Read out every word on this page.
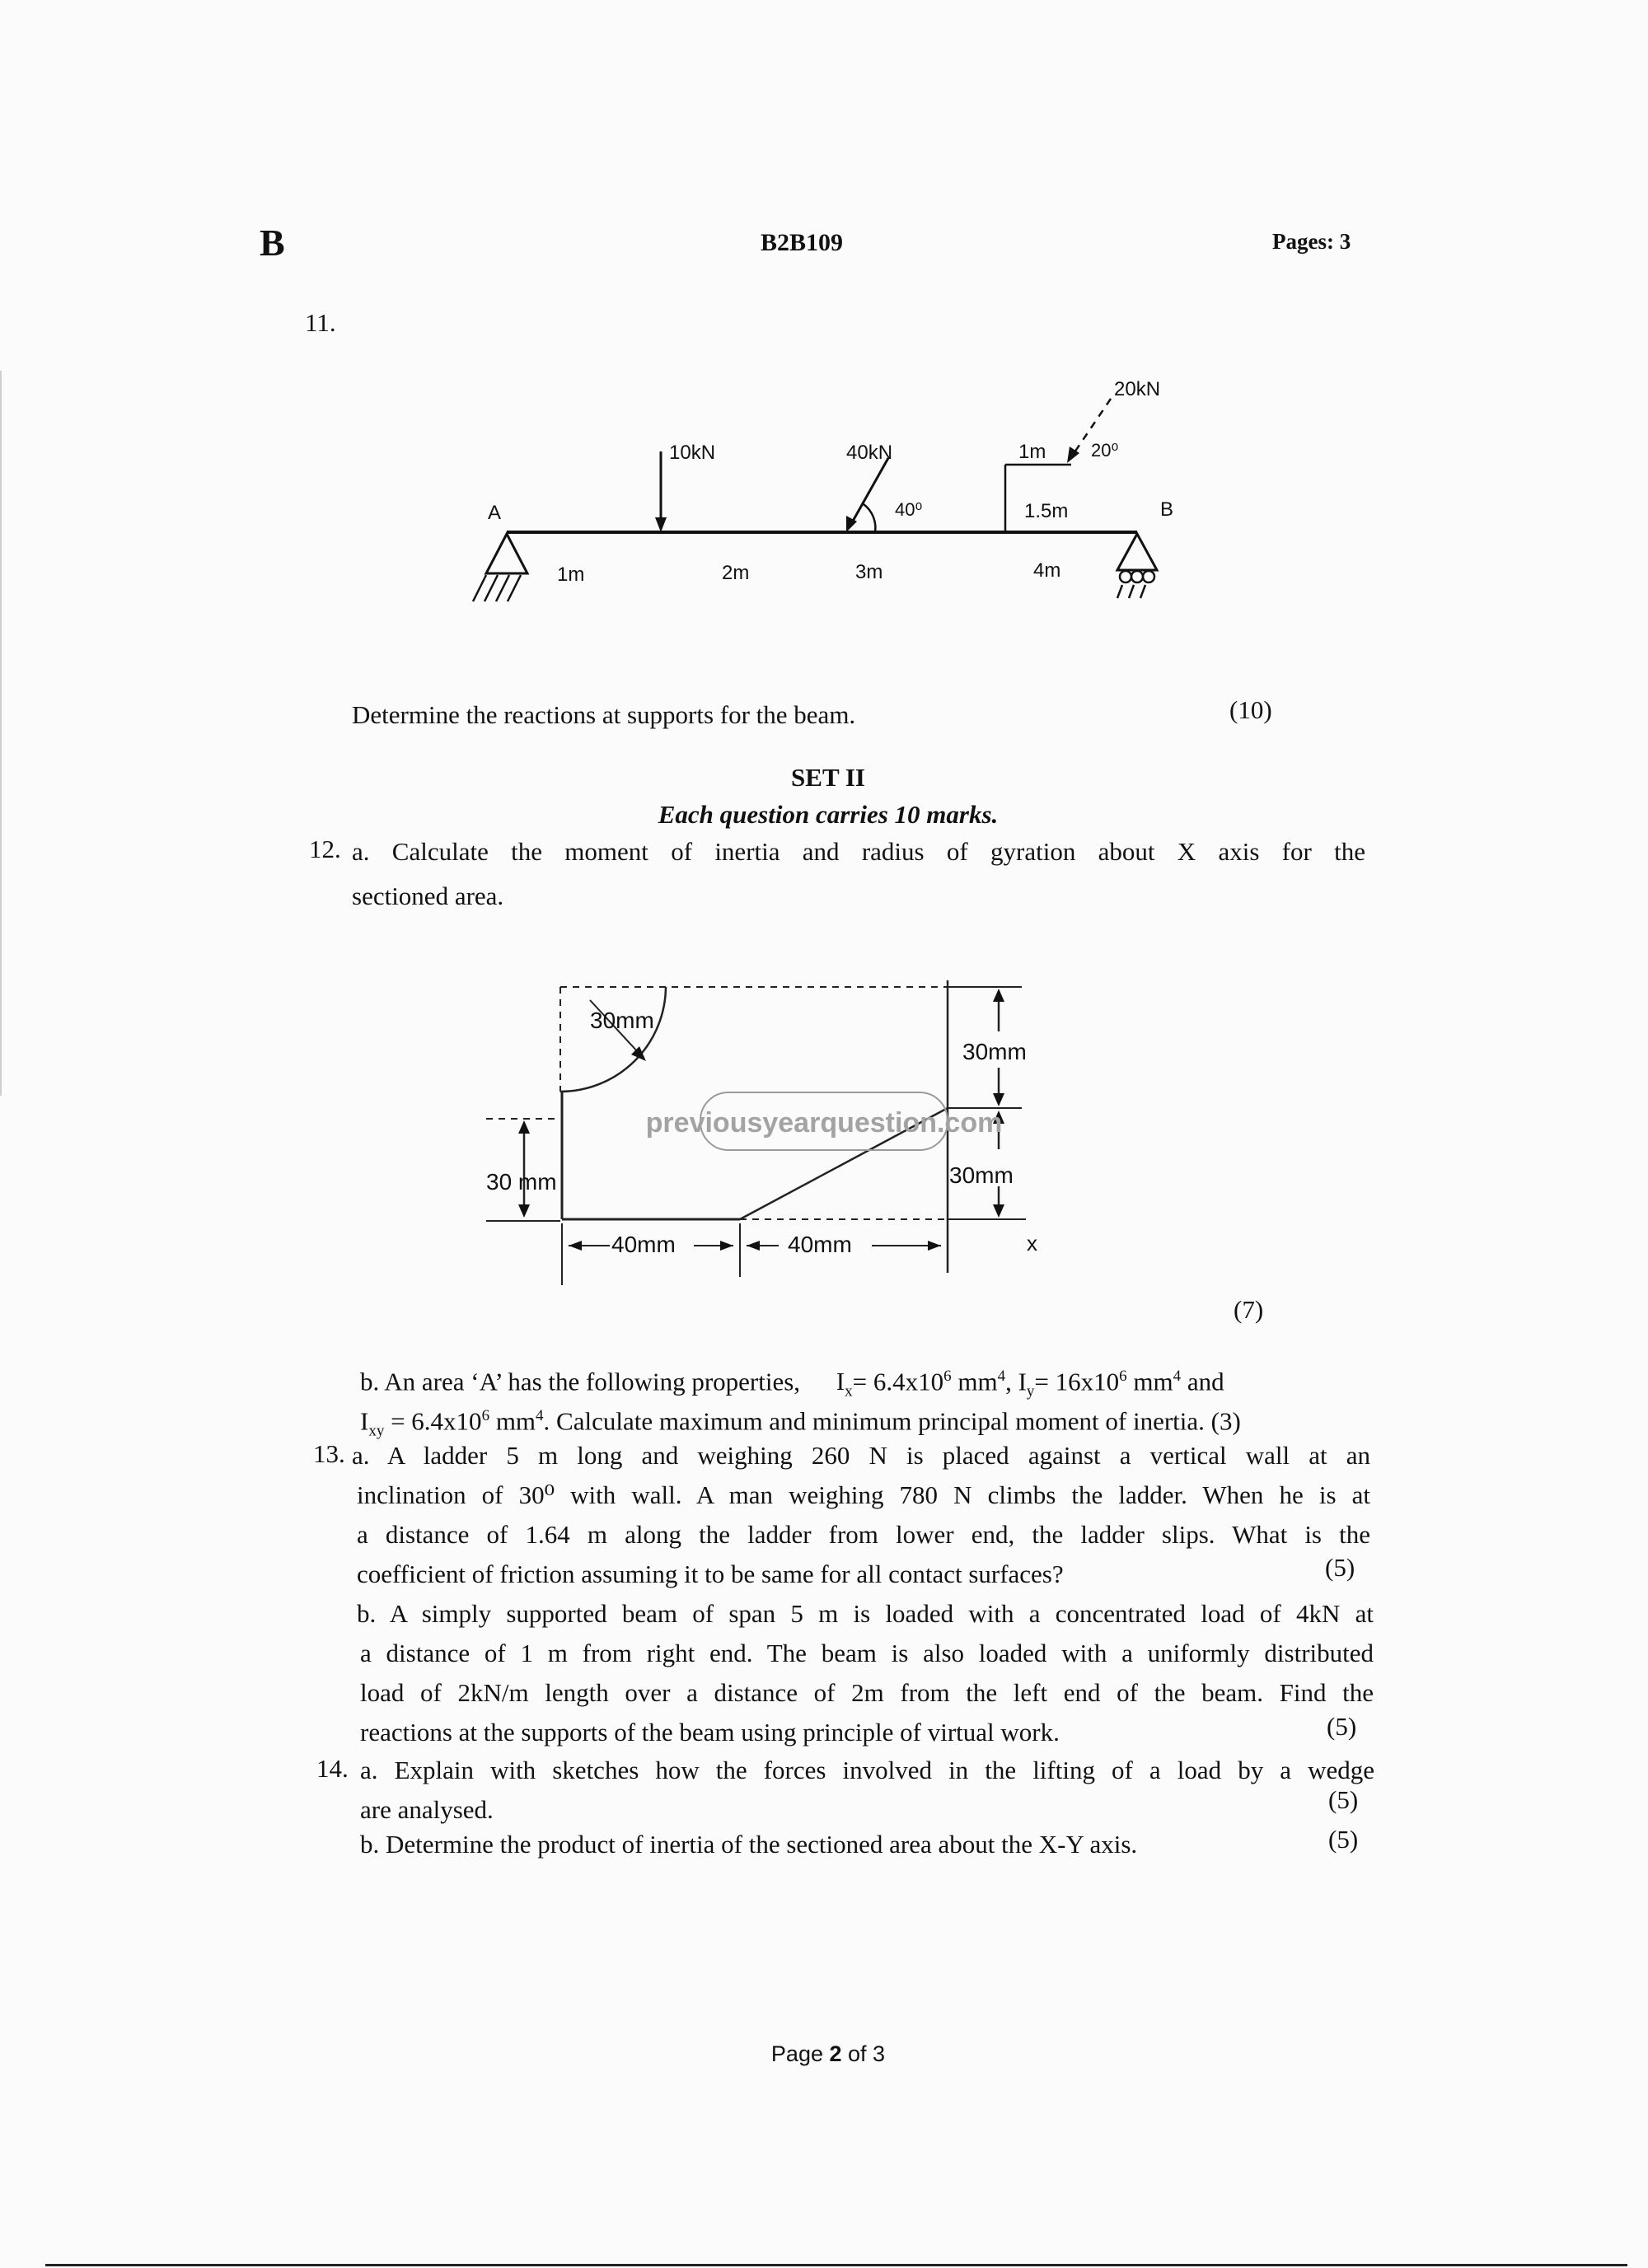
B	B2B109	Pages: 3
11.
A	B
10kN	40kN
40⁰
1m
1.5m
20kN
20⁰
1m	2m	3m	4m
Determine the reactions at supports for the beam.	(10)
SET II
Each question carries 10 marks.
12. a. Calculate the moment of inertia and radius of gyration about X axis for the
sectioned area.
previousyearquestion.com
30mm
30mm
30mm
30 mm
40mm	40mm	x
(7)
b. An area ‘A’ has the following properties, $I_x= 6.4x10^6$ $mm^4$, $I_y= 16x10^6$ $mm^4$ and
$I_{xy} = 6.4x10^6$ $mm^4$. Calculate maximum and minimum principal moment of inertia. (3)
13. a. A ladder 5 m long and weighing 260 N is placed against a vertical wall at an
inclination of 30⁰ with wall. A man weighing 780 N climbs the ladder. When he is at
a distance of 1.64 m along the ladder from lower end, the ladder slips. What is the
coefficient of friction assuming it to be same for all contact surfaces?	(5)
b. A simply supported beam of span 5 m is loaded with a concentrated load of 4kN at
a distance of 1 m from right end. The beam is also loaded with a uniformly distributed
load of 2kN/m length over a distance of 2m from the left end of the beam. Find the
reactions at the supports of the beam using principle of virtual work.	(5)
14. a. Explain with sketches how the forces involved in the lifting of a load by a wedge
are analysed.	(5)
b. Determine the product of inertia of the sectioned area about the X-Y axis.	(5)
Page 2 of 3
